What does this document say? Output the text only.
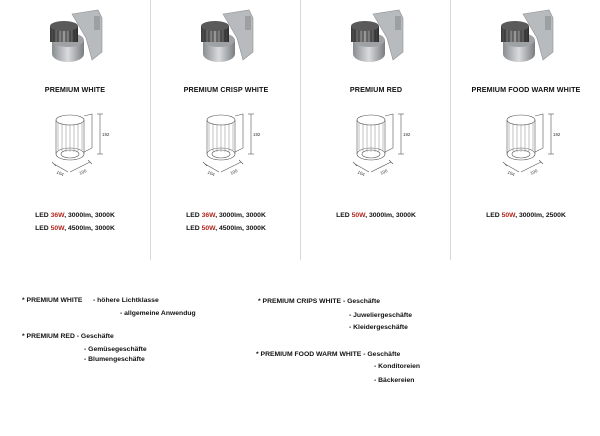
PREMIUM WHITE
192
104	100
LED 36W, 3000lm, 3000K
LED 50W, 4500lm, 3000K
PREMIUM CRISP WHITE
192
104	100
LED 36W, 3000lm, 3000K
LED 50W, 4500lm, 3000K
PREMIUM RED
192
104	100
LED 50W, 3000lm, 3000K
PREMIUM FOOD WARM WHITE
192
104	100
LED 50W, 3000lm, 2500K
* PREMIUM WHITE - höhere Lichtklasse
- allgemeine Anwendug
* PREMIUM RED - Geschäfte
- Gemüsegeschäfte
- Blumengeschäfte
* PREMIUM CRIPS WHITE - Geschäfte
- Juweliergeschäfte
- Kleidergeschäfte
* PREMIUM FOOD WARM WHITE - Geschäfte
- Konditoreien
- Bäckereien
